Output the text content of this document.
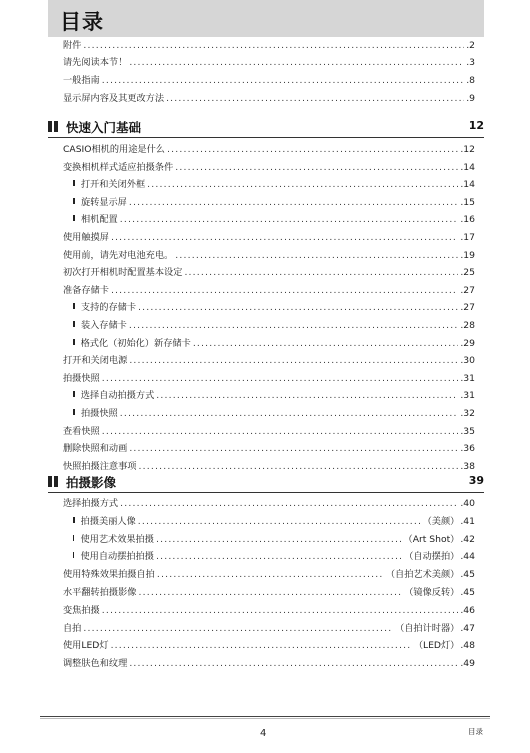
目录
附件 .....	.2
请先阅读本节！ .....	.3
一般指南 .....	.8
显示屏内容及其更改方法 .....	.9
快速入门基础	12
CASIO相机的用途是什么 .....	.12
变换相机样式适应拍摄条件 .....	.14
打开和关闭外框 .....	.14
旋转显示屏 .....	.15
相机配置 .....	.16
使用触摸屏 .....	.17
使用前，请先对电池充电。 .....	.19
初次打开相机时配置基本设定 .....	.25
准备存储卡 .....	.27
支持的存储卡 .....	.27
装入存储卡 .....	.28
格式化（初始化）新存储卡 .....	.29
打开和关闭电源 .....	.30
拍摄快照 .....	.31
选择自动拍摄方式 .....	.31
拍摄快照 .....	.32
查看快照 .....	.35
删除快照和动画 .....	.36
快照拍摄注意事项 .....	.38
拍摄影像	39
选择拍摄方式 .....	.40
拍摄美丽人像 .....	（美颜） .41
使用艺术效果拍摄 .....	（Art Shot） .42
使用自动摆拍拍摄 .....	（自动摆拍） .44
使用特殊效果拍摄自拍 .....	（自拍艺术美颜） .45
水平翻转拍摄影像 .....	（镜像反转） .45
变焦拍摄 .....	.46
自拍 .....	（自拍计时器） .47
使用LED灯 .....	（LED灯） .48
调整肤色和纹理 .....	.49
4	目录
